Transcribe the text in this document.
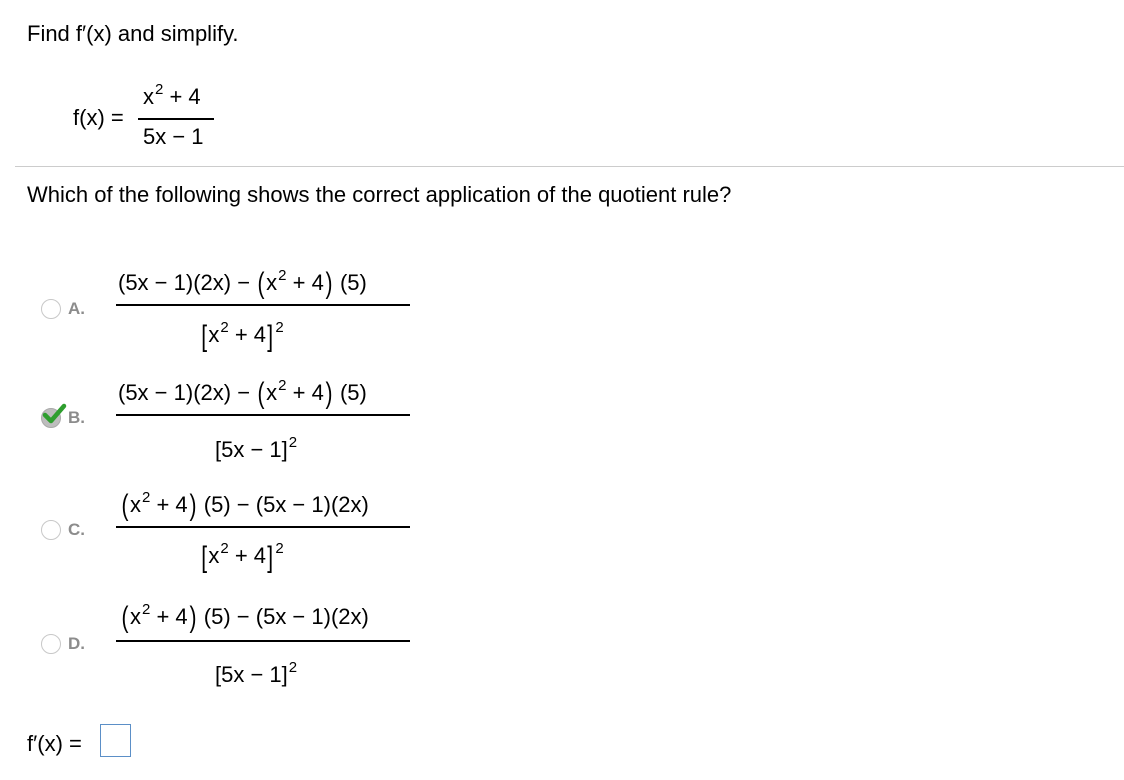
Find f′(x) and simplify.
f(x) =
$x^2 + 4$
5x − 1
Which of the following shows the correct application of the quotient rule?
A.
$(5x - 1)(2x) - (x^2 + 4)$ (5)
$[x^2 + 4]$ $^2$
B.
$(5x - 1)(2x) - (x^2 + 4)$ (5)
$[5x - 1]^2$
C.
$(x^2 + 4) (5) - (5x - 1)(2x)$
$[x^2 + 4]$ $^2$
D.
$(x^2 + 4) (5) - (5x - 1)(2x)$
$[5x - 1]^2$
f′(x) =
